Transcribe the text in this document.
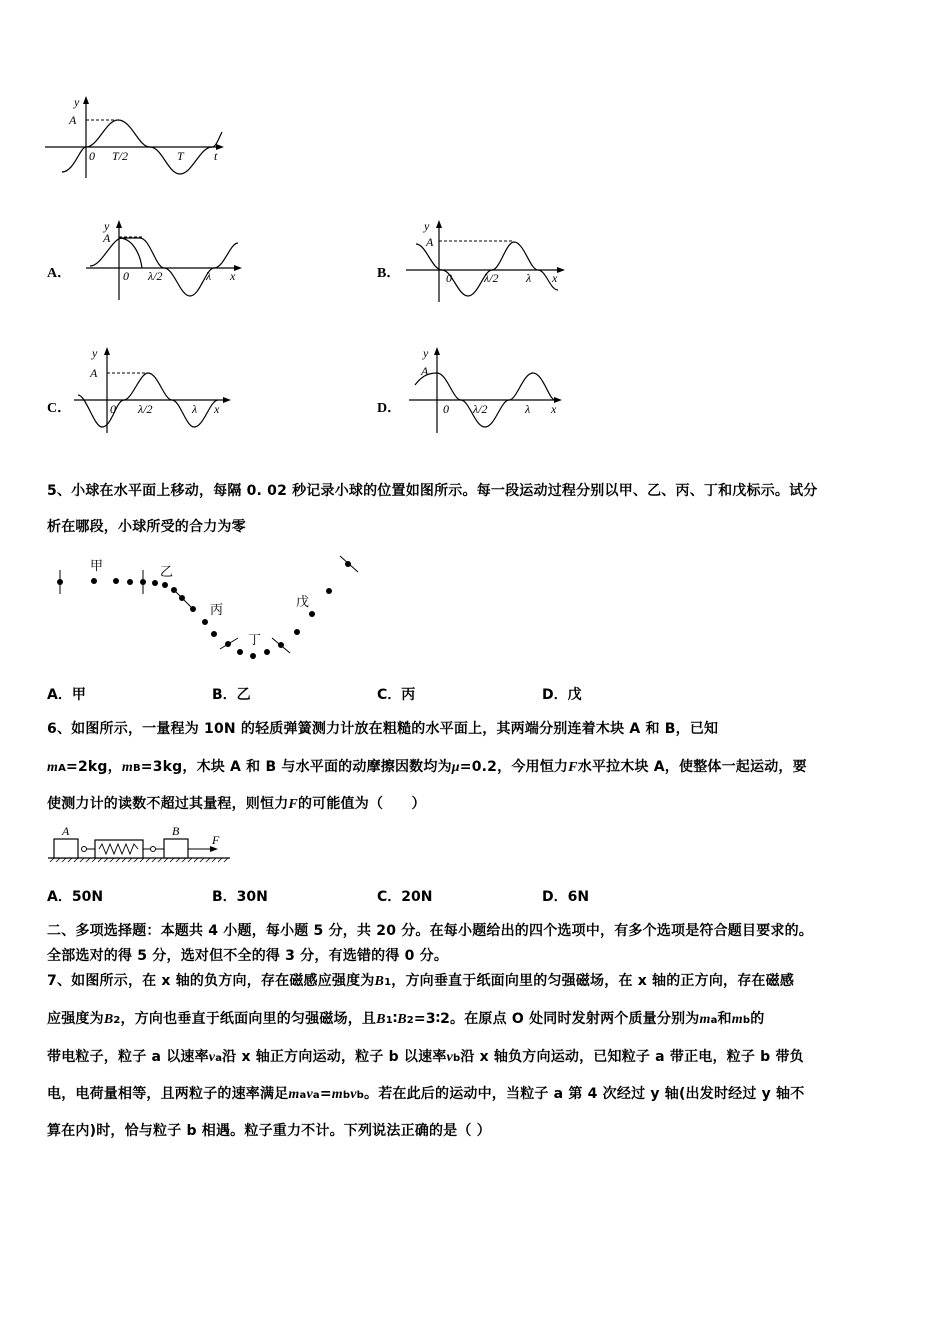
y
A
0 T/2	T	t
A．
y
A
0 λ/2	λ x	B．
y
A
0	λ/2 λ x
C．
y
A
0 λ/2	λ x	D．
y
A
0 λ/2	λ x
5、小球在水平面上移动，每隔 0. 02 秒记录小球的位置如图所示。每一段运动过程分别以甲、乙、丙、丁和戊标示。试分
析在哪段，小球所受的合力为零
甲	乙
丙
丁
戊
A．甲	B．乙	C．丙	D．戊
6、如图所示，一量程为 10N 的轻质弹簧测力计放在粗糙的水平面上，其两端分别连着木块 A 和 B，已知
mA=2kg，mB=3kg，木块 A 和 B 与水平面的动摩擦因数均为μ=0.2，今用恒力F水平拉木块 A，使整体一起运动，要
使测力计的读数不超过其量程，则恒力F的可能值为（　　）
A	B
F
A．50N	B．30N	C．20N	D．6N
二、多项选择题：本题共 4 小题，每小题 5 分，共 20 分。在每小题给出的四个选项中，有多个选项是符合题目要求的。
全部选对的得 5 分，选对但不全的得 3 分，有选错的得 0 分。
7、如图所示，在 x 轴的负方向，存在磁感应强度为B1，方向垂直于纸面向里的匀强磁场，在 x 轴的正方向，存在磁感
应强度为B2，方向也垂直于纸面向里的匀强磁场，且B1∶B2=3∶2。在原点 O 处同时发射两个质量分别为ma和mb的
带电粒子，粒子 a 以速率va沿 x 轴正方向运动，粒子 b 以速率vb沿 x 轴负方向运动，已知粒子 a 带正电，粒子 b 带负
电，电荷量相等，且两粒子的速率满足mava=mbvb。若在此后的运动中，当粒子 a 第 4 次经过 y 轴(出发时经过 y 轴不
算在内)时，恰与粒子 b 相遇。粒子重力不计。下列说法正确的是（ ）
